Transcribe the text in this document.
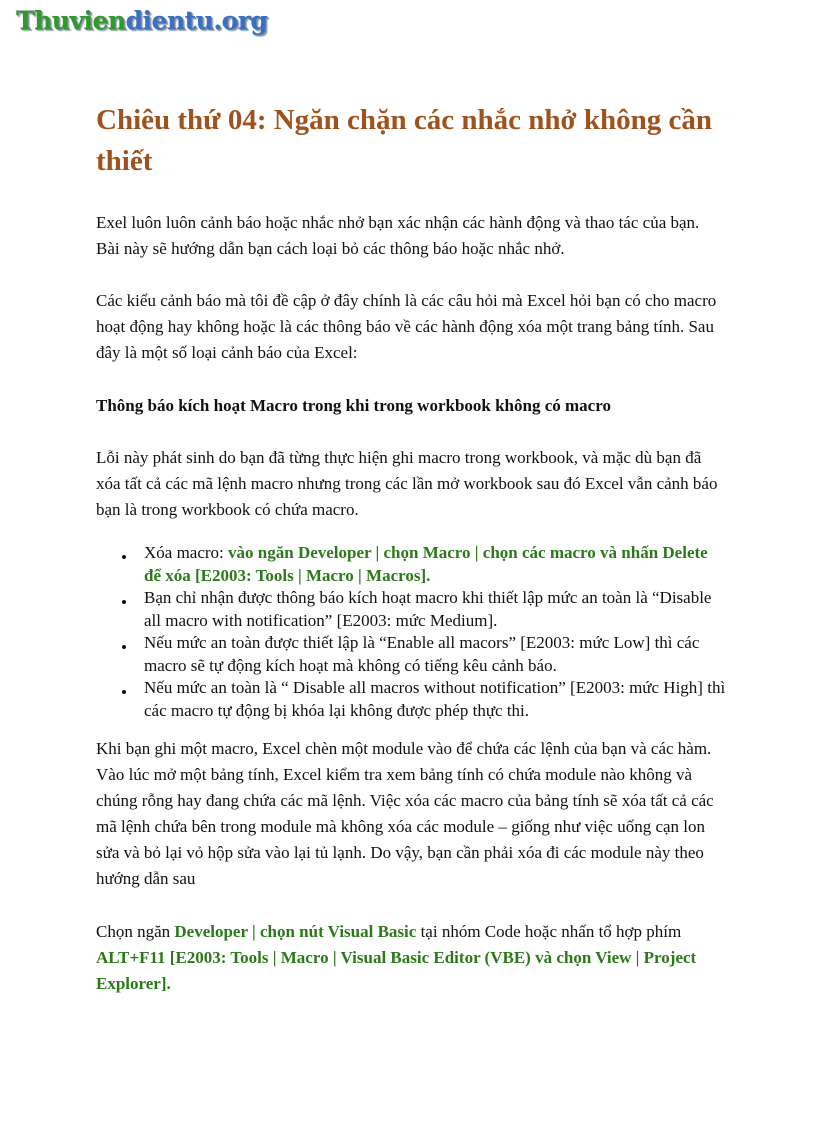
Thuviendientu.org
Chiêu thứ 04: Ngăn chặn các nhắc nhở không cần thiết

Exel luôn luôn cảnh báo hoặc nhắc nhở bạn xác nhận các hành động và thao tác của bạn. Bài này sẽ hướng dẫn bạn cách loại bỏ các thông báo hoặc nhắc nhở.

Các kiểu cảnh báo mà tôi đề cập ở đây chính là các câu hỏi mà Excel hỏi bạn có cho macro hoạt động hay không hoặc là các thông báo về các hành động xóa một trang bảng tính. Sau đây là một số loại cảnh báo của Excel:

Thông báo kích hoạt Macro trong khi trong workbook không có macro

Lỗi này phát sinh do bạn đã từng thực hiện ghi macro trong workbook, và mặc dù bạn đã xóa tất cả các mã lệnh macro nhưng trong các lần mở workbook sau đó Excel vẫn cảnh báo bạn là trong workbook có chứa macro.

Xóa macro: vào ngăn Developer | chọn Macro | chọn các macro và nhấn Delete để xóa [E2003: Tools | Macro | Macros].
Bạn chỉ nhận được thông báo kích hoạt macro khi thiết lập mức an toàn là “Disable all macro with notification” [E2003: mức Medium].
Nếu mức an toàn được thiết lập là “Enable all macors” [E2003: mức Low] thì các macro sẽ tự động kích hoạt mà không có tiếng kêu cảnh báo.
Nếu mức an toàn là “ Disable all macros without notification” [E2003: mức High] thì các macro tự động bị khóa lại không được phép thực thi.

Khi bạn ghi một macro, Excel chèn một module vào để chứa các lệnh của bạn và các hàm. Vào lúc mở một bảng tính, Excel kiểm tra xem bảng tính có chứa module nào không và chúng rỗng hay đang chứa các mã lệnh. Việc xóa các macro của bảng tính sẽ xóa tất cả các mã lệnh chứa bên trong module mà không xóa các module – giống như việc uống cạn lon sửa và bỏ lại vỏ hộp sửa vào lại tủ lạnh. Do vậy, bạn cần phải xóa đi các module này theo hướng dẫn sau

Chọn ngăn Developer | chọn nút Visual Basic tại nhóm Code hoặc nhấn tổ hợp phím ALT+F11 [E2003: Tools | Macro | Visual Basic Editor (VBE) và chọn View | Project Explorer].
